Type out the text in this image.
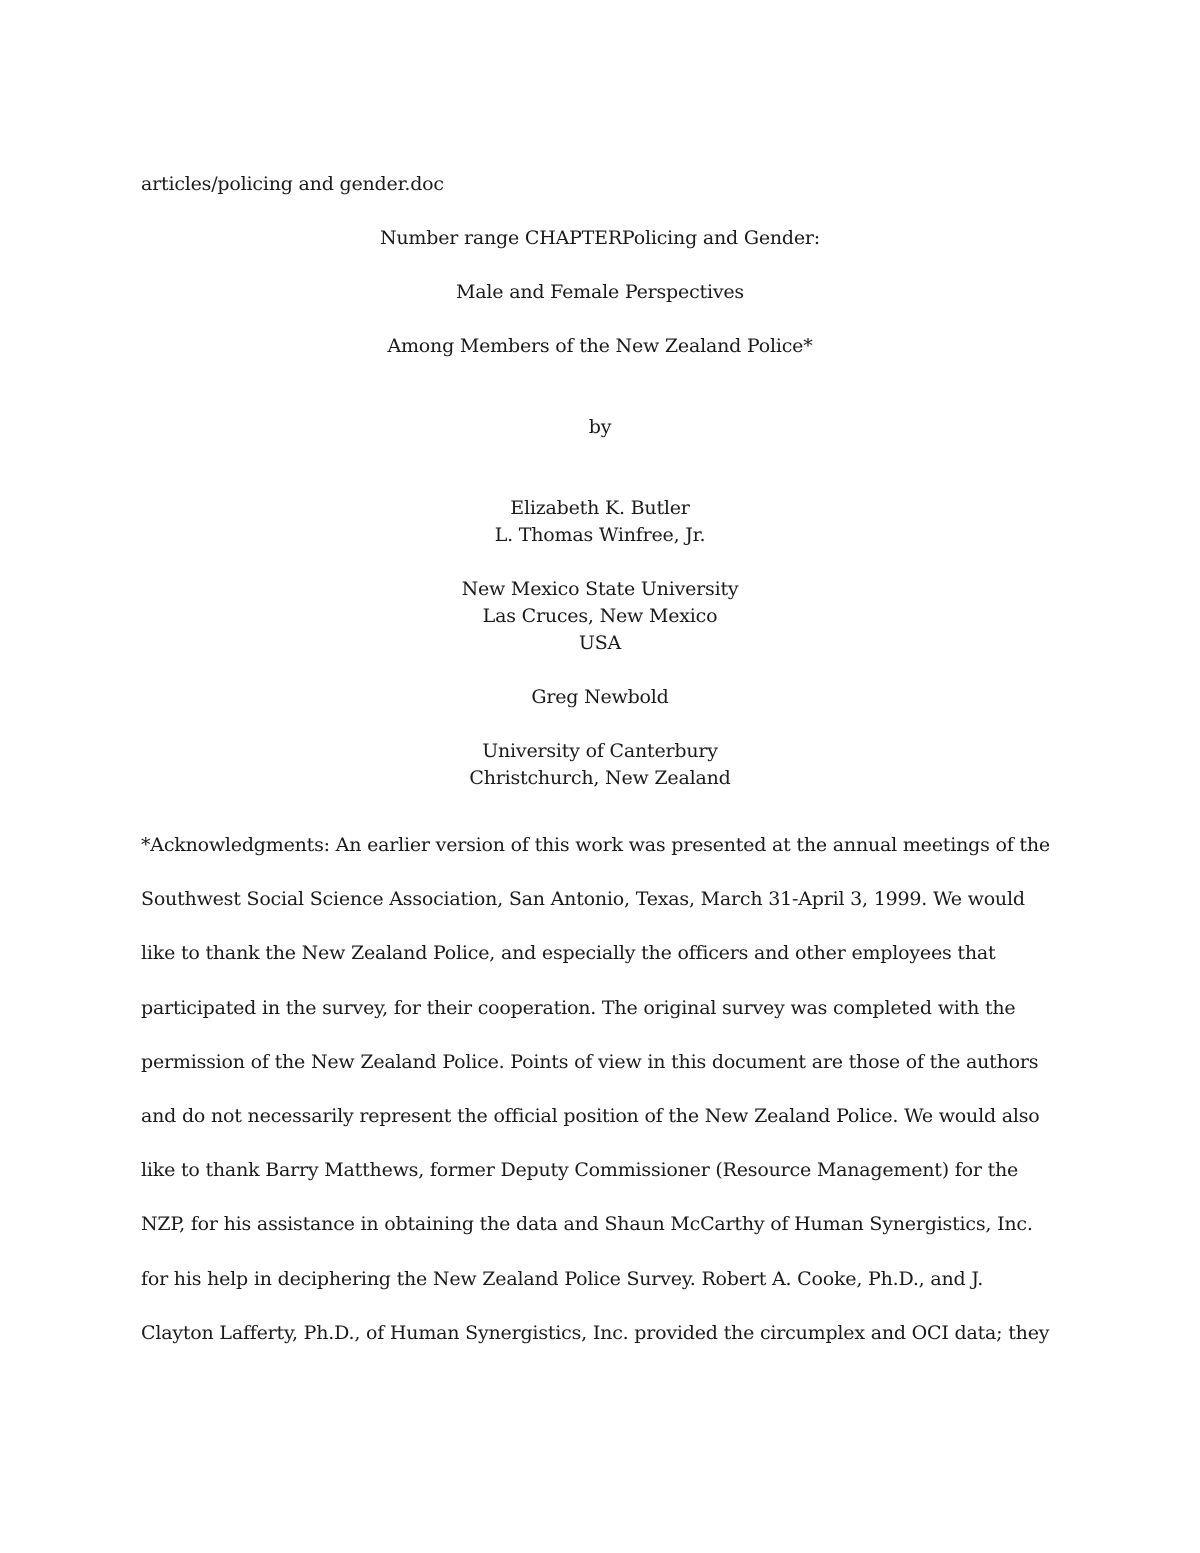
articles/policing and gender.doc
Number range CHAPTERPolicing and Gender:
Male and Female Perspectives
Among Members of the New Zealand Police*
by
Elizabeth K. Butler
L. Thomas Winfree, Jr.
New Mexico State University
Las Cruces, New Mexico
USA
Greg Newbold
University of Canterbury
Christchurch, New Zealand
*Acknowledgments: An earlier version of this work was presented at the annual meetings of the
Southwest Social Science Association, San Antonio, Texas, March 31-April 3, 1999. We would
like to thank the New Zealand Police, and especially the officers and other employees that
participated in the survey, for their cooperation. The original survey was completed with the
permission of the New Zealand Police. Points of view in this document are those of the authors
and do not necessarily represent the official position of the New Zealand Police. We would also
like to thank Barry Matthews, former Deputy Commissioner (Resource Management) for the
NZP, for his assistance in obtaining the data and Shaun McCarthy of Human Synergistics, Inc.
for his help in deciphering the New Zealand Police Survey. Robert A. Cooke, Ph.D., and J.
Clayton Lafferty, Ph.D., of Human Synergistics, Inc. provided the circumplex and OCI data; they
